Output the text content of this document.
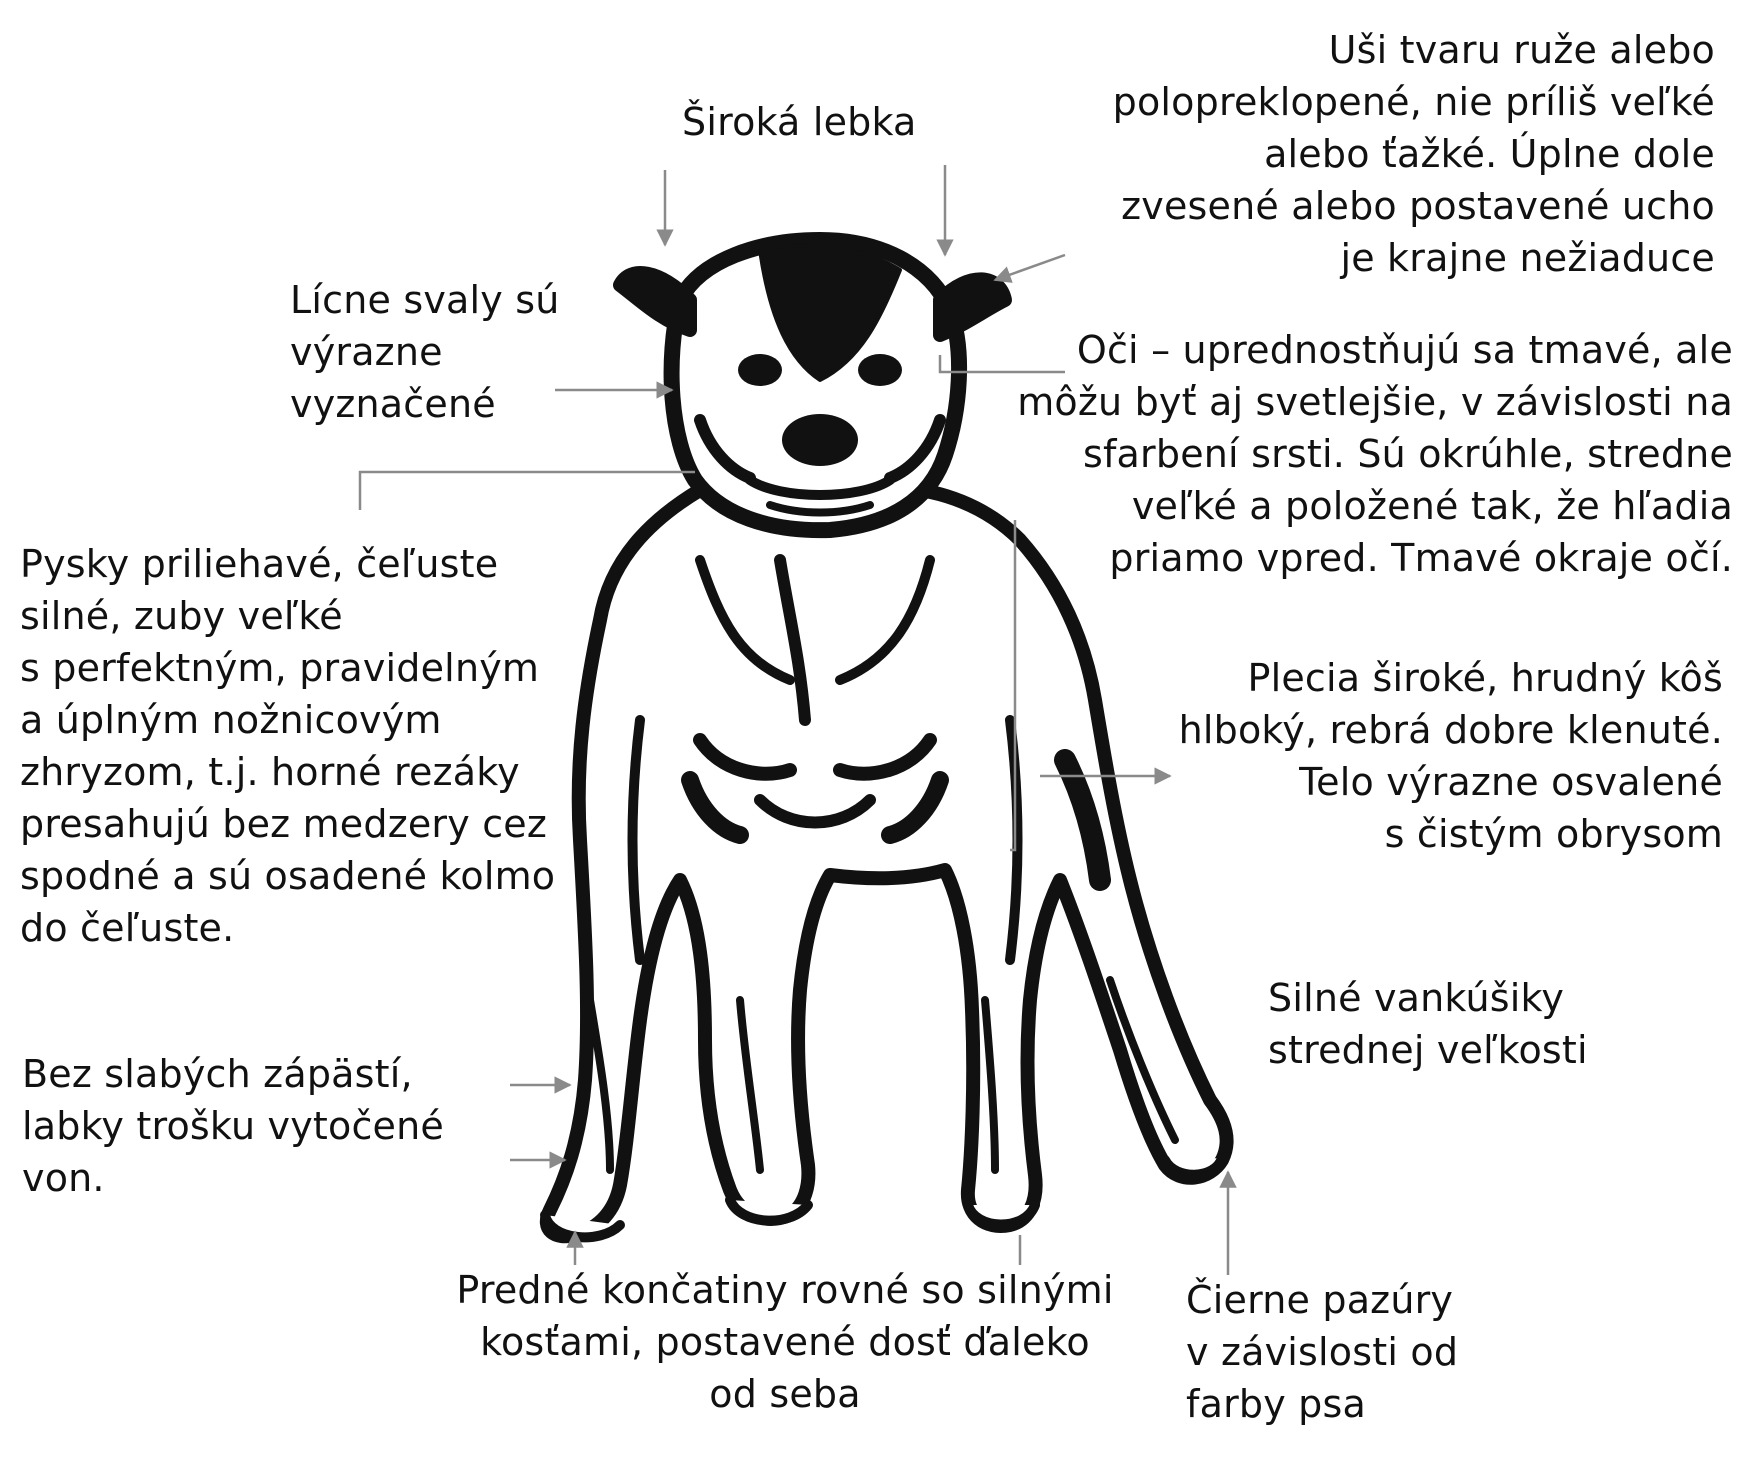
Široká lebka
Uši tvaru ruže alebo
polopreklopené, nie príliš veľké
alebo ťažké. Úplne dole
zvesené alebo postavené ucho
je krajne nežiaduce
Lícne svaly sú
výrazne
vyznačené
Oči – uprednostňujú sa tmavé, ale
môžu byť aj svetlejšie, v závislosti na
sfarbení srsti. Sú okrúhle, stredne
veľké a položené tak, že hľadia
priamo vpred. Tmavé okraje očí.
Pysky priliehavé, čeľuste
silné, zuby veľké
s perfektným, pravidelným
a úplným nožnicovým
zhryzom, t.j. horné rezáky
presahujú bez medzery cez
spodné a sú osadené kolmo
do čeľuste.
Plecia široké, hrudný kôš
hlboký, rebrá dobre klenuté.
Telo výrazne osvalené
s čistým obrysom
Silné vankúšiky
strednej veľkosti
Bez slabých zápästí,
labky trošku vytočené
von.
Predné končatiny rovné so silnými
kosťami, postavené dosť ďaleko
od seba
Čierne pazúry
v závislosti od
farby psa
